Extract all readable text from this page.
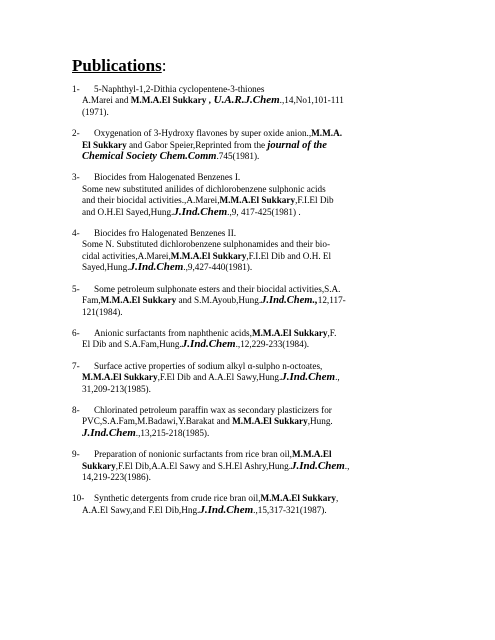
Publications:
1- 5-Naphthyl-1,2-Dithia cyclopentene-3-thiones
A.Marei and M.M.A.El Sukkary , U.A.R.J.Chem.,14,No1,101-111
(1971).
2- Oxygenation of 3-Hydroxy flavones by super oxide anion.,M.M.A.
El Sukkary and Gabor Speier,Reprinted from the journal of the
Chemical Society Chem.Comm.745(1981).
3- Biocides from Halogenated Benzenes I.
Some new substituted anilides of dichlorobenzene sulphonic acids
and their biocidal activities.,A.Marei,M.M.A.El Sukkary,F.I.El Dib
and O.H.El Sayed,Hung.J.Ind.Chem.,9, 417-425(1981) .
4- Biocides fro Halogenated Benzenes II.
Some N. Substituted dichlorobenzene sulphonamides and their bio-
cidal activities,A.Marei,M.M.A.El Sukkary,F.I.El Dib and O.H. El
Sayed,Hung.J.Ind.Chem.,9,427-440(1981).
5- Some petroleum sulphonate esters and their biocidal activities,S.A.
Fam,M.M.A.El Sukkary and S.M.Ayoub,Hung.J.Ind.Chem.,12,117-
121(1984).
6- Anionic surfactants from naphthenic acids,M.M.A.El Sukkary,F.
El Dib and S.A.Fam,Hung.J.Ind.Chem.,12,229-233(1984).
7- Surface active properties of sodium alkyl α-sulpho n-octoates,
M.M.A.El Sukkary,F.El Dib and A.A.El Sawy,Hung.J.Ind.Chem.,
31,209-213(1985).
8- Chlorinated petroleum paraffin wax as secondary plasticizers for
PVC,S.A.Fam,M.Badawi,Y.Barakat and M.M.A.El Sukkary,Hung.
J.Ind.Chem.,13,215-218(1985).
9- Preparation of nonionic surfactants from rice bran oil,M.M.A.El
Sukkary,F.El Dib,A.A.El Sawy and S.H.El Ashry,Hung.J.Ind.Chem.,
14,219-223(1986).
10- Synthetic detergents from crude rice bran oil,M.M.A.El Sukkary,
A.A.El Sawy,and F.El Dib,Hng.J.Ind.Chem.,15,317-321(1987).
